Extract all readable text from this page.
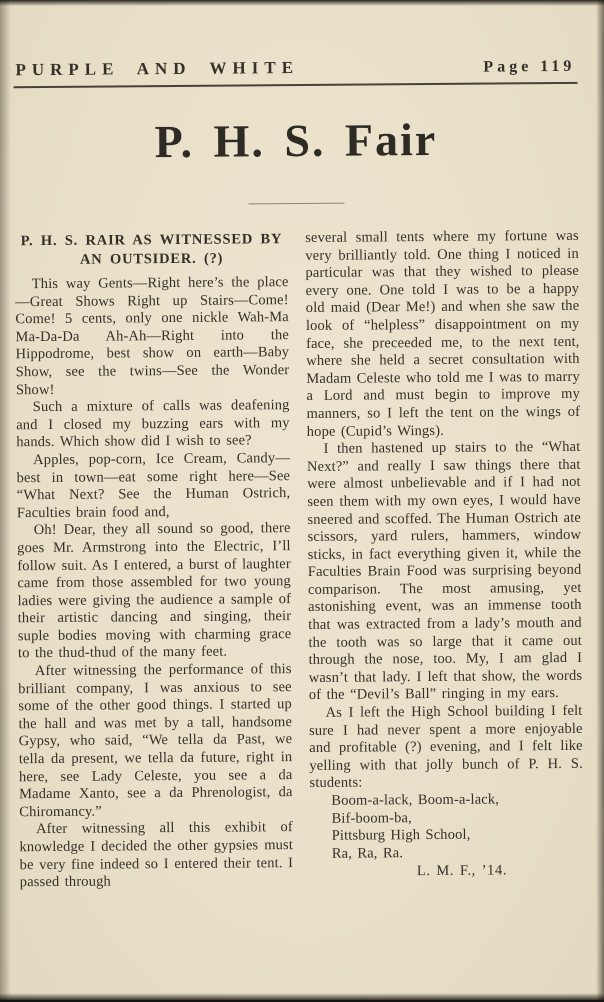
PURPLE AND WHITE	Page 119
P. H. S. Fair
P. H. S. RAIR AS WITNESSED BY
AN OUTSIDER. (?)

This way Gents—Right here’s the place—Great Shows Right up Stairs—Come! Come! 5 cents, only one nickle Wah-Ma Ma-Da-Da Ah-Ah—Right into the Hippodrome, best show on earth—Baby Show, see the twins—See the Wonder Show!

Such a mixture of calls was deafening and I closed my buzzing ears with my hands. Which show did I wish to see?

Apples, pop-corn, Ice Cream, Candy—best in town—eat some right here—See “What Next? See the Human Ostrich, Faculties brain food and,

Oh! Dear, they all sound so good, there goes Mr. Armstrong into the Electric, I’ll follow suit. As I entered, a burst of laughter came from those assembled for two young ladies were giving the audience a sample of their artistic dancing and singing, their suple bodies moving with charming grace to the thud-thud of the many feet.

After witnessing the performance of this brilliant company, I was anxious to see some of the other good things. I started up the hall and was met by a tall, handsome Gypsy, who said, “We tella da Past, we tella da present, we tella da future, right in here, see Lady Celeste, you see a da Madame Xanto, see a da Phrenologist, da Chiromancy.”

After witnessing all this exhibit of knowledge I decided the other gypsies must be very fine indeed so I entered their tent. I passed through

several small tents where my fortune was very brilliantly told. One thing I noticed in particular was that they wished to please every one. One told I was to be a happy old maid (Dear Me!) and when she saw the look of “helpless” disappointment on my face, she preceeded me, to the next tent, where she held a secret consultation with Madam Celeste who told me I was to marry a Lord and must begin to improve my manners, so I left the tent on the wings of hope (Cupid’s Wings).

I then hastened up stairs to the “What Next?” and really I saw things there that were almost unbelievable and if I had not seen them with my own eyes, I would have sneered and scoffed. The Human Ostrich ate scissors, yard rulers, hammers, window sticks, in fact everything given it, while the Faculties Brain Food was surprising beyond comparison. The most amusing, yet astonishing event, was an immense tooth that was extracted from a lady’s mouth and the tooth was so large that it came out through the nose, too. My, I am glad I wasn’t that lady. I left that show, the words of the “Devil’s Ball” ringing in my ears.

As I left the High School building I felt sure I had never spent a more enjoyable and profitable (?) evening, and I felt like yelling with that jolly bunch of P. H. S. students:

Boom-a-lack, Boom-a-lack,

Bif-boom-ba,

Pittsburg High School,

Ra, Ra, Ra.

L. M. F., ’14.
